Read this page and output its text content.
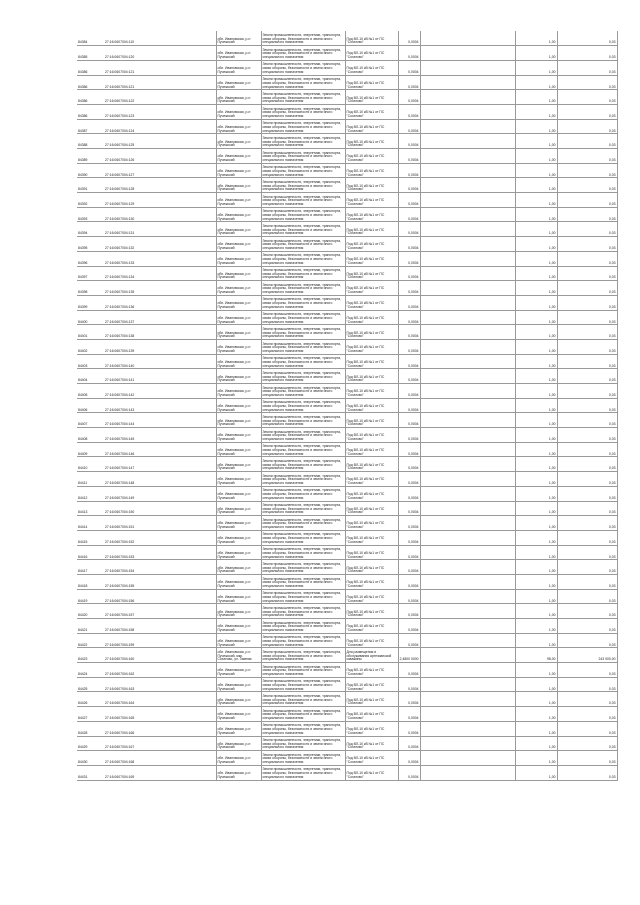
84384	27:16:0607004:110	обл. Ивановская, р-н Пучежский	Земли промышленности, энергетики, транспорта, связи обороны, безопасности и земли иного специального назначения	Под ВЛ-10 кВ №1 от ПС "Сохатово"	0,0004		1,00	0,03
84385	27:16:0607004:120	обл. Ивановская, р-н Пучежский	Земли промышленности, энергетики, транспорта, связи обороны, безопасности и земли иного специального назначения	Под ВЛ-10 кВ №1 от ПС "Сохатово"	0,0004		1,00	0,03
84386	27:16:0607004:121	обл. Ивановская, р-н Пучежский	Земли промышленности, энергетики, транспорта, связи обороны, безопасности и земли иного специального назначения	Под ВЛ-10 кВ №1 от ПС "Сохатово"	0,0004		1,00	0,03
84386	27:16:0607004:121	обл. Ивановская, р-н Пучежский	Земли промышленности, энергетики, транспорта, связи обороны, безопасности и земли иного специального назначения	Под ВЛ-10 кВ №1 от ПС "Сохатово"	0,0004		1,00	0,03
84386	27:16:0607004:122	обл. Ивановская, р-н Пучежский	Земли промышленности, энергетики, транспорта, связи обороны, безопасности и земли иного специального назначения	Под ВЛ-10 кВ №1 от ПС "Сохатово"	0,0004		1,00	0,03
84386	27:16:0607004:123	обл. Ивановская, р-н Пучежский	Земли промышленности, энергетики, транспорта, связи обороны, безопасности и земли иного специального назначения	Под ВЛ-10 кВ №1 от ПС "Сохатово"	0,0004		1,00	0,03
84387	27:16:0607004:124	обл. Ивановская, р-н Пучежский	Земли промышленности, энергетики, транспорта, связи обороны, безопасности и земли иного специального назначения	Под ВЛ-10 кВ №1 от ПС "Сохатово"	0,0004		1,00	0,03
84388	27:16:0607004:125	обл. Ивановская, р-н Пучежский	Земли промышленности, энергетики, транспорта, связи обороны, безопасности и земли иного специального назначения	Под ВЛ-10 кВ №1 от ПС "Сохатово"	0,0004		1,00	0,03
84389	27:16:0607004:126	обл. Ивановская, р-н Пучежский	Земли промышленности, энергетики, транспорта, связи обороны, безопасности и земли иного специального назначения	Под ВЛ-10 кВ №1 от ПС "Сохатово"	0,0004		1,00	0,03
84390	27:16:0607004:127	обл. Ивановская, р-н Пучежский	Земли промышленности, энергетики, транспорта, связи обороны, безопасности и земли иного специального назначения	Под ВЛ-10 кВ №1 от ПС "Сохатово"	0,0004		1,00	0,03
84391	27:16:0607004:128	обл. Ивановская, р-н Пучежский	Земли промышленности, энергетики, транспорта, связи обороны, безопасности и земли иного специального назначения	Под ВЛ-10 кВ №1 от ПС "Сохатово"	0,0004		1,00	0,03
84392	27:16:0607004:129	обл. Ивановская, р-н Пучежский	Земли промышленности, энергетики, транспорта, связи обороны, безопасности и земли иного специального назначения	Под ВЛ-10 кВ №1 от ПС "Сохатово"	0,0004		1,00	0,03
84393	27:16:0607004:130	обл. Ивановская, р-н Пучежский	Земли промышленности, энергетики, транспорта, связи обороны, безопасности и земли иного специального назначения	Под ВЛ-10 кВ №1 от ПС "Сохатово"	0,0004		1,00	0,03
84394	27:16:0607004:131	обл. Ивановская, р-н Пучежский	Земли промышленности, энергетики, транспорта, связи обороны, безопасности и земли иного специального назначения	Под ВЛ-10 кВ №1 от ПС "Сохатово"	0,0004		1,00	0,03
84395	27:16:0607004:132	обл. Ивановская, р-н Пучежский	Земли промышленности, энергетики, транспорта, связи обороны, безопасности и земли иного специального назначения	Под ВЛ-10 кВ №1 от ПС "Сохатово"	0,0004		1,00	0,03
84396	27:16:0607004:133	обл. Ивановская, р-н Пучежский	Земли промышленности, энергетики, транспорта, связи обороны, безопасности и земли иного специального назначения	Под ВЛ-10 кВ №1 от ПС "Сохатово"	0,0004		1,00	0,03
84397	27:16:0607004:134	обл. Ивановская, р-н Пучежский	Земли промышленности, энергетики, транспорта, связи обороны, безопасности и земли иного специального назначения	Под ВЛ-10 кВ №1 от ПС "Сохатово"	0,0004		1,00	0,03
84398	27:16:0607004:135	обл. Ивановская, р-н Пучежский	Земли промышленности, энергетики, транспорта, связи обороны, безопасности и земли иного специального назначения	Под ВЛ-10 кВ №1 от ПС "Сохатово"	0,0004		1,00	0,03
84399	27:16:0607004:136	обл. Ивановская, р-н Пучежский	Земли промышленности, энергетики, транспорта, связи обороны, безопасности и земли иного специального назначения	Под ВЛ-10 кВ №1 от ПС "Сохатово"	0,0004		1,00	0,03
84400	27:16:0607004:137	обл. Ивановская, р-н Пучежский	Земли промышленности, энергетики, транспорта, связи обороны, безопасности и земли иного специального назначения	Под ВЛ-10 кВ №1 от ПС "Сохатово"	0,0004		1,00	0,03
84401	27:16:0607004:138	обл. Ивановская, р-н Пучежский	Земли промышленности, энергетики, транспорта, связи обороны, безопасности и земли иного специального назначения	Под ВЛ-10 кВ №1 от ПС "Сохатово"	0,0004		1,00	0,03
84402	27:16:0607004:139	обл. Ивановская, р-н Пучежский	Земли промышленности, энергетики, транспорта, связи обороны, безопасности и земли иного специального назначения	Под ВЛ-10 кВ №1 от ПС "Сохатово"	0,0004		1,00	0,03
84403	27:16:0607004:140	обл. Ивановская, р-н Пучежский	Земли промышленности, энергетики, транспорта, связи обороны, безопасности и земли иного специального назначения	Под ВЛ-10 кВ №1 от ПС "Сохатово"	0,0004		1,00	0,03
84404	27:16:0607004:141	обл. Ивановская, р-н Пучежский	Земли промышленности, энергетики, транспорта, связи обороны, безопасности и земли иного специального назначения	Под ВЛ-10 кВ №1 от ПС "Сохатово"	0,0004		1,00	0,03
84405	27:16:0607004:142	обл. Ивановская, р-н Пучежский	Земли промышленности, энергетики, транспорта, связи обороны, безопасности и земли иного специального назначения	Под ВЛ-10 кВ №1 от ПС "Сохатово"	0,0004		1,00	0,03
84406	27:16:0607004:143	обл. Ивановская, р-н Пучежский	Земли промышленности, энергетики, транспорта, связи обороны, безопасности и земли иного специального назначения	Под ВЛ-10 кВ №1 от ПС "Сохатово"	0,0004		1,00	0,03
84407	27:16:0607004:144	обл. Ивановская, р-н Пучежский	Земли промышленности, энергетики, транспорта, связи обороны, безопасности и земли иного специального назначения	Под ВЛ-10 кВ №1 от ПС "Сохатово"	0,0004		1,00	0,03
84408	27:16:0607004:145	обл. Ивановская, р-н Пучежский	Земли промышленности, энергетики, транспорта, связи обороны, безопасности и земли иного специального назначения	Под ВЛ-10 кВ №1 от ПС "Сохатово"	0,0004		1,00	0,03
84409	27:16:0607004:146	обл. Ивановская, р-н Пучежский	Земли промышленности, энергетики, транспорта, связи обороны, безопасности и земли иного специального назначения	Под ВЛ-10 кВ №1 от ПС "Сохатово"	0,0004		1,00	0,03
84410	27:16:0607004:147	обл. Ивановская, р-н Пучежский	Земли промышленности, энергетики, транспорта, связи обороны, безопасности и земли иного специального назначения	Под ВЛ-10 кВ №1 от ПС "Сохатово"	0,0004		1,00	0,03
84411	27:16:0607004:148	обл. Ивановская, р-н Пучежский	Земли промышленности, энергетики, транспорта, связи обороны, безопасности и земли иного специального назначения	Под ВЛ-10 кВ №1 от ПС "Сохатово"	0,0004		1,00	0,03
84412	27:16:0607004:149	обл. Ивановская, р-н Пучежский	Земли промышленности, энергетики, транспорта, связи обороны, безопасности и земли иного специального назначения	Под ВЛ-10 кВ №1 от ПС "Сохатово"	0,0004		1,00	0,03
84413	27:16:0607004:150	обл. Ивановская, р-н Пучежский	Земли промышленности, энергетики, транспорта, связи обороны, безопасности и земли иного специального назначения	Под ВЛ-10 кВ №1 от ПС "Сохатово"	0,0004		1,00	0,03
84414	27:16:0607004:151	обл. Ивановская, р-н Пучежский	Земли промышленности, энергетики, транспорта, связи обороны, безопасности и земли иного специального назначения	Под ВЛ-10 кВ №1 от ПС "Сохатово"	0,0004		1,00	0,03
84415	27:16:0607004:152	обл. Ивановская, р-н Пучежский	Земли промышленности, энергетики, транспорта, связи обороны, безопасности и земли иного специального назначения	Под ВЛ-10 кВ №1 от ПС "Сохатово"	0,0004		1,00	0,03
84416	27:16:0607004:153	обл. Ивановская, р-н Пучежский	Земли промышленности, энергетики, транспорта, связи обороны, безопасности и земли иного специального назначения	Под ВЛ-10 кВ №1 от ПС "Сохатово"	0,0004		1,00	0,03
84417	27:16:0607004:154	обл. Ивановская, р-н Пучежский	Земли промышленности, энергетики, транспорта, связи обороны, безопасности и земли иного специального назначения	Под ВЛ-10 кВ №1 от ПС "Сохатово"	0,0004		1,00	0,03
84418	27:16:0607004:155	обл. Ивановская, р-н Пучежский	Земли промышленности, энергетики, транспорта, связи обороны, безопасности и земли иного специального назначения	Под ВЛ-10 кВ №1 от ПС "Сохатово"	0,0004		1,00	0,03
84419	27:16:0607004:156	обл. Ивановская, р-н Пучежский	Земли промышленности, энергетики, транспорта, связи обороны, безопасности и земли иного специального назначения	Под ВЛ-10 кВ №1 от ПС "Сохатово"	0,0004		1,00	0,03
84420	27:16:0607004:157	обл. Ивановская, р-н Пучежский	Земли промышленности, энергетики, транспорта, связи обороны, безопасности и земли иного специального назначения	Под ВЛ-10 кВ №1 от ПС "Сохатово"	0,0004		1,00	0,03
84421	27:16:0607004:158	обл. Ивановская, р-н Пучежский	Земли промышленности, энергетики, транспорта, связи обороны, безопасности и земли иного специального назначения	Под ВЛ-10 кВ №1 от ПС "Сохатово"	0,0004		1,00	0,03
84422	27:16:0607004:159	обл. Ивановская, р-н Пучежский	Земли промышленности, энергетики, транспорта, связи обороны, безопасности и земли иного специального назначения	Под ВЛ-10 кВ №1 от ПС "Сохатово"	0,0004		1,00	0,03
84423	27:16:0607004:160	обл. Ивановская, р-н Пучежский, мкр. Сохатово, ул. Зимняя	Земли промышленности, энергетики, транспорта, связи обороны, безопасности и земли иного специального назначения	Для размещения и обслуживания артезианской скважины	2,4800 0000		98,00	243 000,00
84424	27:16:0607004:162	обл. Ивановская, р-н Пучежский	Земли промышленности, энергетики, транспорта, связи обороны, безопасности и земли иного специального назначения	Под ВЛ-10 кВ №1 от ПС "Сохатово"	0,0004		1,00	0,03
84425	27:16:0607004:163	обл. Ивановская, р-н Пучежский	Земли промышленности, энергетики, транспорта, связи обороны, безопасности и земли иного специального назначения	Под ВЛ-10 кВ №1 от ПС "Сохатово"	0,0004		1,00	0,03
84426	27:16:0607004:164	обл. Ивановская, р-н Пучежский	Земли промышленности, энергетики, транспорта, связи обороны, безопасности и земли иного специального назначения	Под ВЛ-10 кВ №1 от ПС "Сохатово"	0,0004		1,00	0,03
84427	27:16:0607004:165	обл. Ивановская, р-н Пучежский	Земли промышленности, энергетики, транспорта, связи обороны, безопасности и земли иного специального назначения	Под ВЛ-10 кВ №1 от ПС "Сохатово"	0,0004		1,00	0,03
84428	27:16:0607004:166	обл. Ивановская, р-н Пучежский	Земли промышленности, энергетики, транспорта, связи обороны, безопасности и земли иного специального назначения	Под ВЛ-10 кВ №1 от ПС "Сохатово"	0,0004		1,00	0,03
84429	27:16:0607004:167	обл. Ивановская, р-н Пучежский	Земли промышленности, энергетики, транспорта, связи обороны, безопасности и земли иного специального назначения	Под ВЛ-10 кВ №1 от ПС "Сохатово"	0,0004		1,00	0,03
84430	27:16:0607004:168	обл. Ивановская, р-н Пучежский	Земли промышленности, энергетики, транспорта, связи обороны, безопасности и земли иного специального назначения	Под ВЛ-10 кВ №1 от ПС "Сохатово"	0,0004		1,00	0,03
84431	27:16:0607004:169	обл. Ивановская, р-н Пучежский	Земли промышленности, энергетики, транспорта, связи обороны, безопасности и земли иного специального назначения	Под ВЛ-10 кВ №1 от ПС "Сохатово"	0,0004		1,00	0,03
